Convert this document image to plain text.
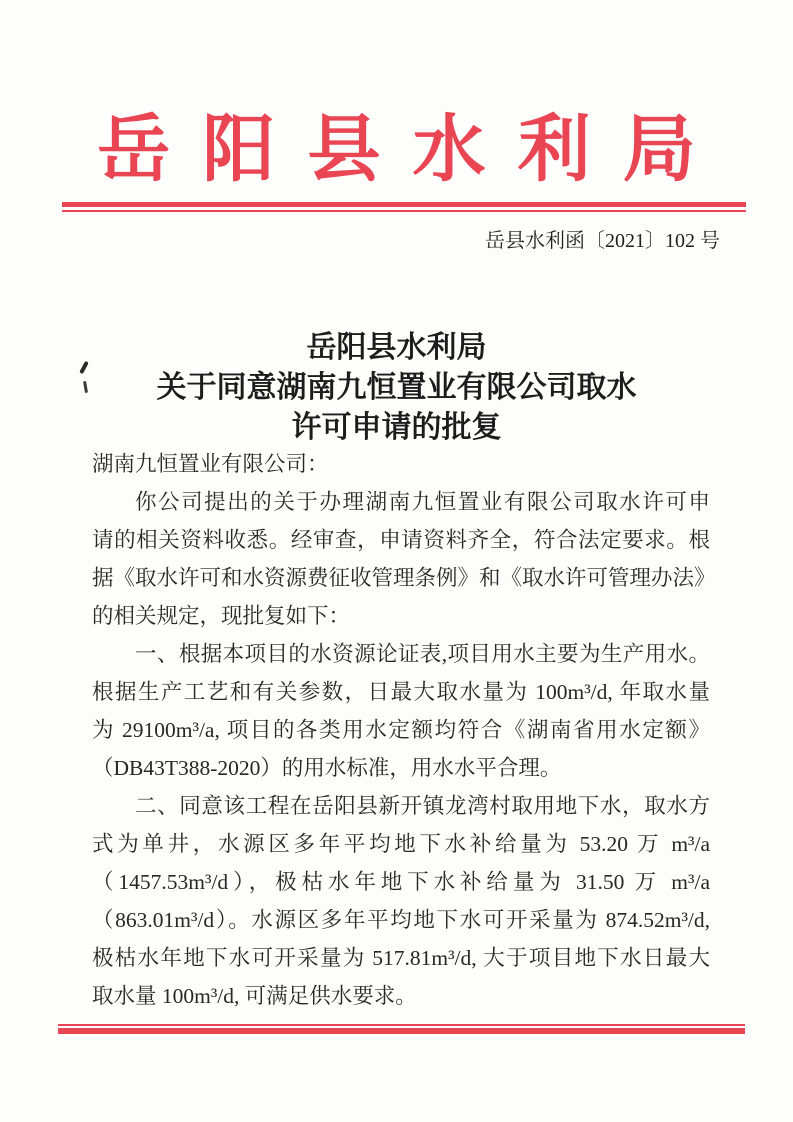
岳阳县水利局
岳县水利函〔2021〕102 号
岳阳县水利局
关于同意湖南九恒置业有限公司取水
许可申请的批复
湖南九恒置业有限公司：
你公司提出的关于办理湖南九恒置业有限公司取水许可申
请的相关资料收悉。经审查，申请资料齐全，符合法定要求。根
据《取水许可和水资源费征收管理条例》和《取水许可管理办法》
的相关规定，现批复如下：
一、根据本项目的水资源论证表,项目用水主要为生产用水。
根据生产工艺和有关参数，日最大取水量为 100m³/d, 年取水量
为 29100m³/a, 项目的各类用水定额均符合《湖南省用水定额》
（DB43T388-2020）的用水标准，用水水平合理。
二、同意该工程在岳阳县新开镇龙湾村取用地下水，取水方
式为单井，水源区多年平均地下水补给量为 53.20 万 m³/a
（1457.53m³/d），极枯水年地下水补给量为 31.50 万 m³/a
（863.01m³/d）。水源区多年平均地下水可开采量为 874.52m³/d,
极枯水年地下水可开采量为 517.81m³/d, 大于项目地下水日最大
取水量 100m³/d, 可满足供水要求。
